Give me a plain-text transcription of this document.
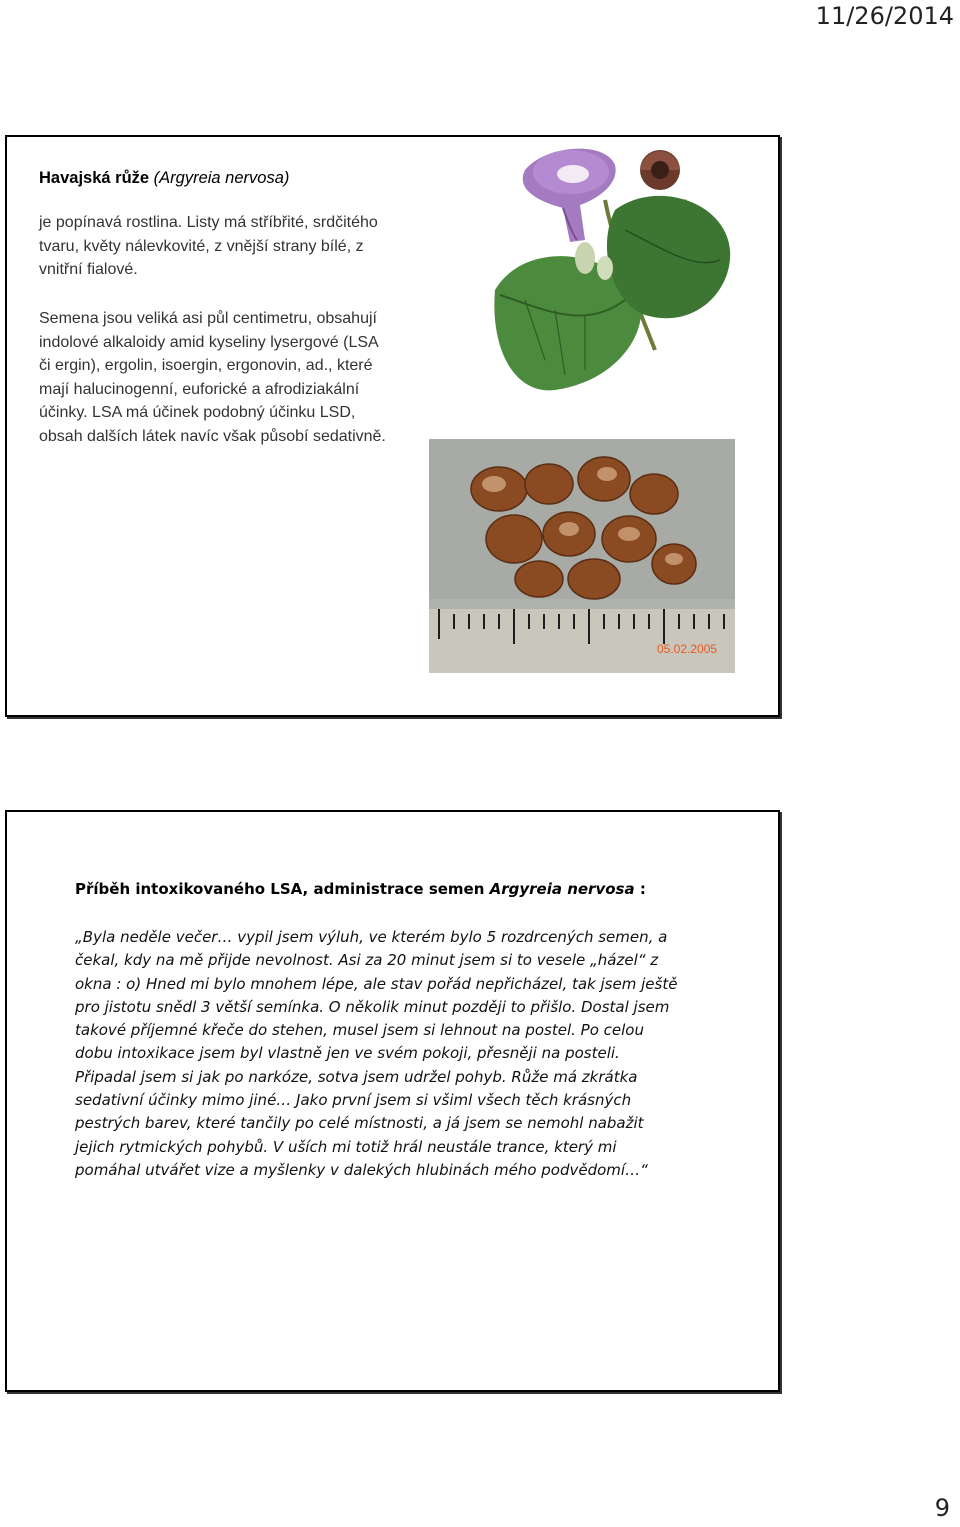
11/26/2014
Havajská růže (Argyreia nervosa)
je popínavá rostlina. Listy má stříbřité, srdčitého tvaru, květy nálevkovité, z vnější strany bílé, z vnitřní fialové.
Semena jsou veliká asi půl centimetru, obsahují indolové alkaloidy amid kyseliny lysergové (LSA či ergin), ergolin, isoergin, ergonovin, ad., které mají halucinogenní, euforické a afrodiziakální účinky. LSA má účinek podobný účinku LSD, obsah dalších látek navíc však působí sedativně.
05.02.2005
Příběh intoxikovaného LSA, administrace semen Argyreia nervosa :
„Byla neděle večer… vypil jsem výluh, ve kterém bylo 5 rozdrcených semen, a čekal, kdy na mě přijde nevolnost. Asi za 20 minut jsem si to vesele „házel“ z okna : o) Hned mi bylo mnohem lépe, ale stav pořád nepřicházel, tak jsem ještě pro jistotu snědl 3 větší semínka. O několik minut později to přišlo. Dostal jsem takové příjemné křeče do stehen, musel jsem si lehnout na postel. Po celou dobu intoxikace jsem byl vlastně jen ve svém pokoji, přesněji na posteli. Připadal jsem si jak po narkóze, sotva jsem udržel pohyb. Růže má zkrátka sedativní účinky mimo jiné… Jako první jsem si všiml všech těch krásných pestrých barev, které tančily po celé místnosti, a já jsem se nemohl nabažit jejich rytmických pohybů. V uších mi totiž hrál neustále trance, který mi pomáhal utvářet vize a myšlenky v dalekých hlubinách mého podvědomí…“
9
